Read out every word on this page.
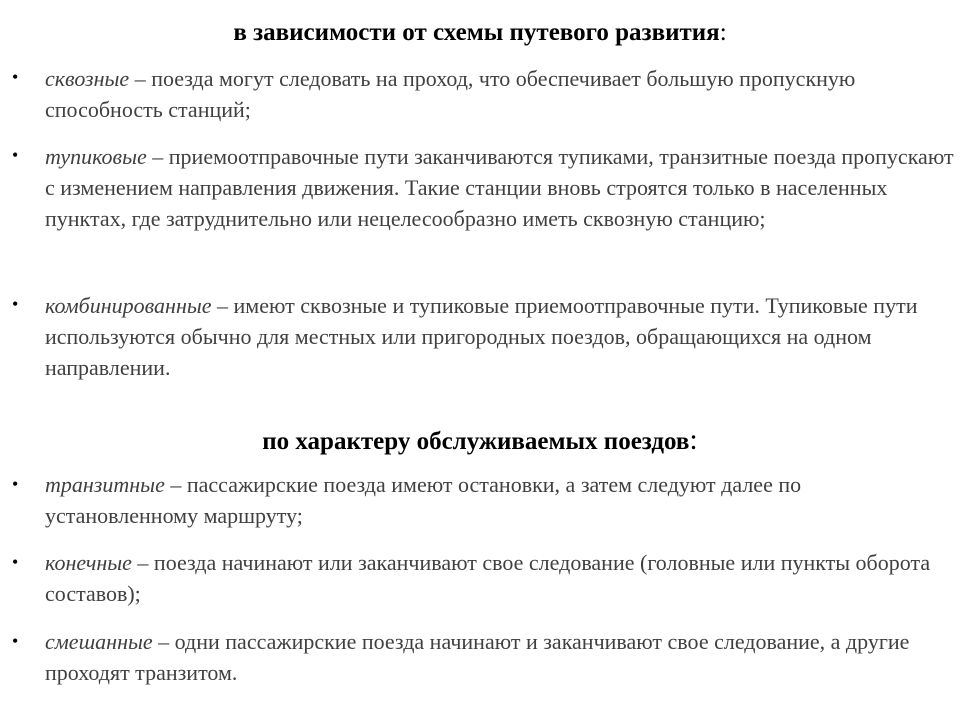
в зависимости от схемы путевого развития:
• сквозные – поезда могут следовать на проход, что обеспечивает большую пропускную способность станций;
• тупиковые – приемоотправочные пути заканчиваются тупиками, транзитные поезда пропускают с изменением направления движения. Такие станции вновь строятся только в населенных пунктах, где затруднительно или нецелесообразно иметь сквозную станцию;
• комбинированные – имеют сквозные и тупиковые приемоотправочные пути. Тупиковые пути используются обычно для местных или пригородных поездов, обращающихся на одном направлении.
по характеру обслуживаемых поездов:
• транзитные – пассажирские поезда имеют остановки, а затем следуют далее по установленному маршруту;
• конечные – поезда начинают или заканчивают свое следование (головные или пункты оборота составов);
• смешанные – одни пассажирские поезда начинают и заканчивают свое следование, а другие проходят транзитом.
